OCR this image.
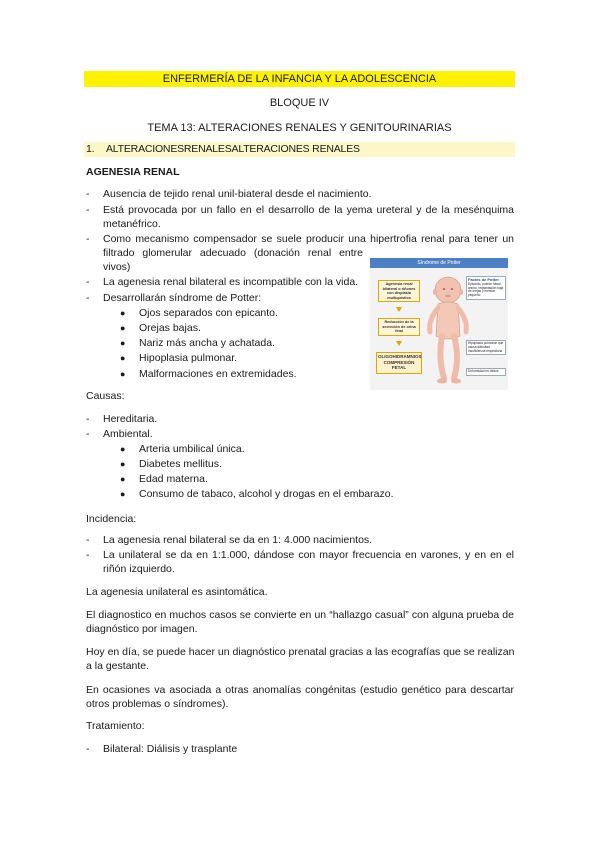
ENFERMERÍA DE LA INFANCIA Y LA ADOLESCENCIA
BLOQUE IV
TEMA 13: ALTERACIONES RENALES Y GENITOURINARIAS
1. ALTERACIONESRENALESALTERACIONES RENALES
AGENESIA RENAL
- Ausencia de tejido renal unil-biateral desde el nacimiento.
- Está provocada por un fallo en el desarrollo de la yema ureteral y de la mesénquima
metanéfrico.
- Como mecanismo compensador se suele producir una hipertrofia renal para tener un
filtrado glomerular adecuado (donación renal entre
vivos)
- La agenesia renal bilateral es incompatible con la vida.
- Desarrollarán síndrome de Potter:
● Ojos separados con epicanto.
● Orejas bajas.
● Nariz más ancha y achatada.
● Hipoplasia pulmonar.
● Malformaciones en extremidades.
Síndrome de Potter
Agenesia renal bilateral o riñones con displasia multiquística
Reducción de la secreción de orina fetal
OLIGOHIDRAMNIOS COMPRESIÓN FETAL
Facies de Potter
Epicanto, puente nasal ancho, implantación baja de orejas y mentón pequeño
Hipoplasia pulmonar que causa dificultad insuficiencia respiratoria
Deformidad en dedos
Causas:
- Hereditaria.
- Ambiental.
● Arteria umbilical única.
● Diabetes mellitus.
● Edad materna.
● Consumo de tabaco, alcohol y drogas en el embarazo.
Incidencia:
- La agenesia renal bilateral se da en 1: 4.000 nacimientos.
- La unilateral se da en 1:1.000, dándose con mayor frecuencia en varones, y en en el
riñón izquierdo.
La agenesia unilateral es asintomática.
El diagnostico en muchos casos se convierte en un “hallazgo casual” con alguna prueba de
diagnóstico por imagen.
Hoy en día, se puede hacer un diagnóstico prenatal gracias a las ecografías que se realizan
a la gestante.
En ocasiones va asociada a otras anomalías congénitas (estudio genético para descartar
otros problemas o síndromes).
Tratamiento:
- Bilateral: Diálisis y trasplante
